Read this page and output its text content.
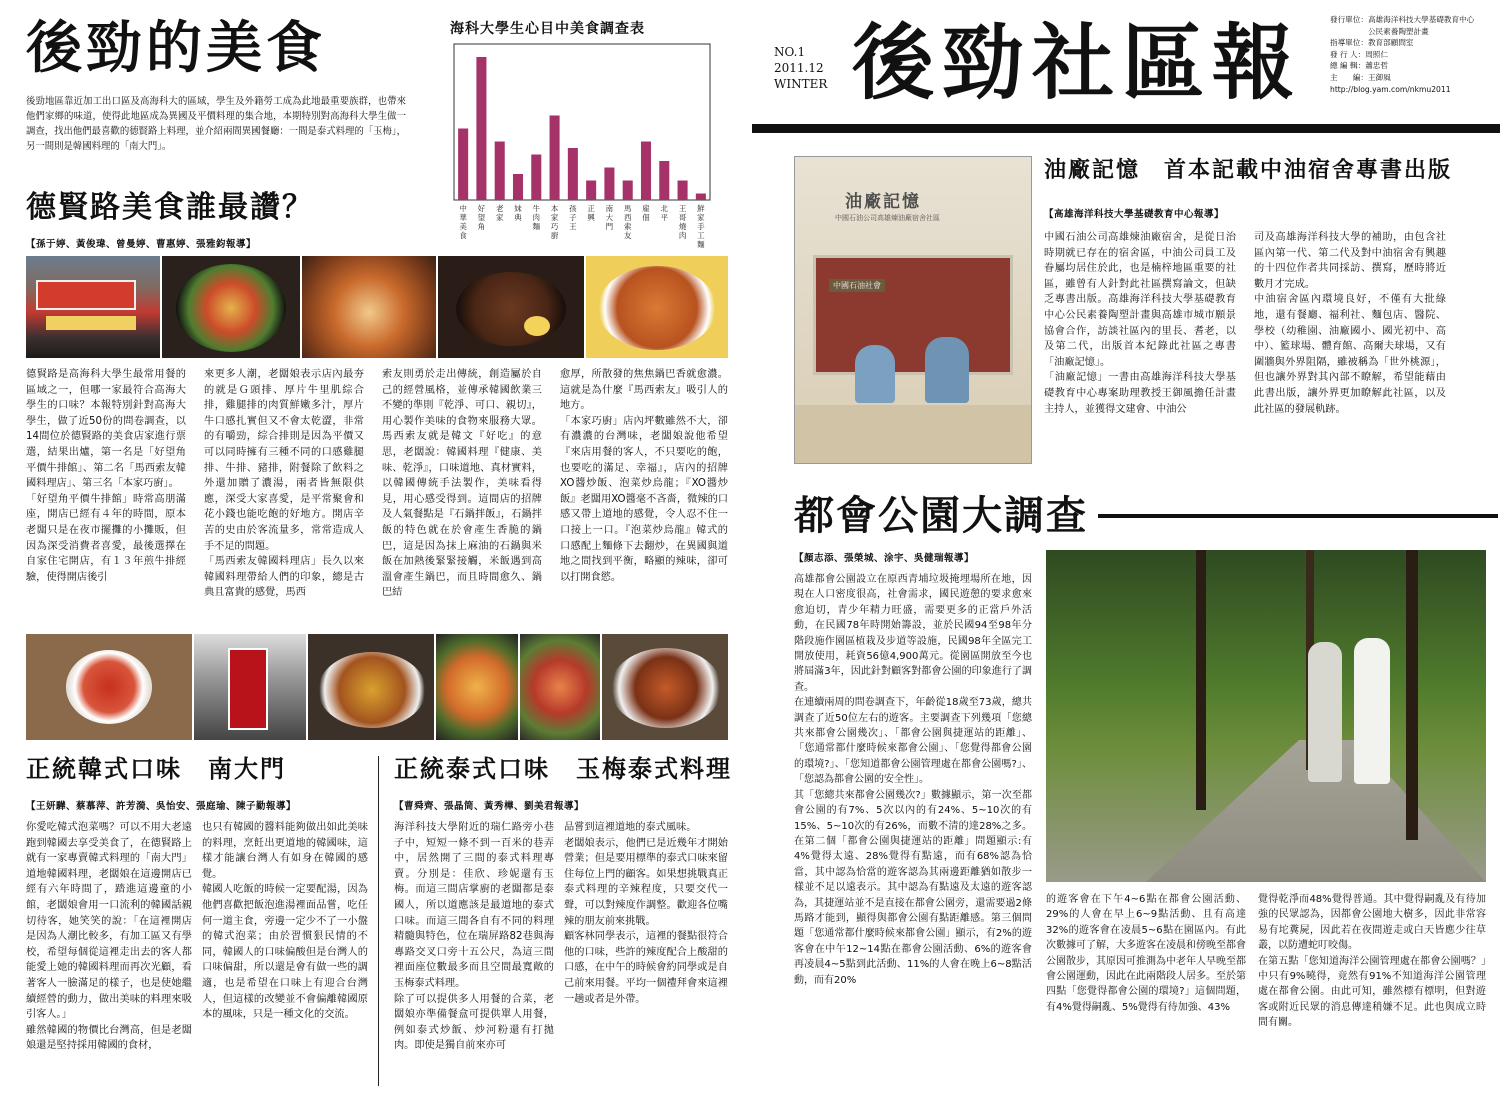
後勁的美食
後勁地區靠近加工出口區及高海科大的區域，學生及外籍勞工成為此地最重要族群，也帶來他們家鄉的味道，使得此地區成為異國及平價料理的集合地，本期特別對高海科大學生做一調查，找出他們最喜歡的德賢路上料理，並介紹兩間異國餐廳：一間是泰式料理的「玉梅」，另一間則是韓國料理的「南大門」。
海科大學生心目中美食調查表
中
華
美
食
好
望
角
老
家
妹
典
牛
肉
麵
本
家
巧
廚
孩
子
王
正
興
南
大
門
馬
西
索
友
雇
佃
北
平
王
哥
燒
肉
鮮
家
手
工
麵
德賢路美食誰最讚？
【孫于婷、黃俊瑋、曾曼婷、曹惠婷、張雅鈞報導】
德賢路是高海科大學生最常用餐的區域之一，但哪一家最符合高海大學生的口味？本報特別針對高海大學生，做了近50份的問卷調查，以14間位於德賢路的美食店家進行票選，結果出爐，第一名是「好望角平價牛排館」、第二名「馬西索友韓國料理店」、第三名「本家巧廚」。
「好望角平價牛排館」時常高朋滿座，開店已經有４年的時間，原本老闆只是在夜市擺攤的小攤販，但因為深受消費者喜愛，最後選擇在自家住宅開店，有１３年煎牛排經驗，使得開店後引
來更多人潮，老闆娘表示店內最夯的就是Ｇ頭排、厚片牛里肌綜合排，雞腿排的肉質鮮嫩多汁，厚片牛口感扎實但又不會太乾澀，非常的有嚼勁，綜合排則是因為平價又可以同時擁有三種不同的口感雞腿排、牛排、豬排，附餐除了飲料之外還加贈了濃湯，兩者皆無限供應，深受大家喜愛，是平常聚會和花小錢也能吃飽的好地方。開店辛苦的史由於客流量多，常常造成人手不足的問題。
「馬西索友韓國料理店」長久以來韓國料理帶給人們的印象，總是古典且富貴的感覺，馬西
索友則勇於走出傳統，創造屬於自己的經營風格，並傳承韓國飲業三不變的準則『乾淨、可口、親切』，用心製作美味的食物來服務大眾。馬西索友就是韓文『好吃』的意思，老闆說：韓國料理『健康、美味、乾淨』，口味道地、真材實料，以韓國傳統手法製作，美味看得見，用心感受得到。這間店的招牌及人氣餐點是『石鍋拌飯』，石鍋拌飯的特色就在於會產生香脆的鍋巴，這是因為抹上麻油的石鍋與米飯在加熱後緊緊接觸，米飯遇到高溫會產生鍋巴，而且時間愈久、鍋巴結
愈厚，所散發的焦焦鍋巴香就愈濃。這就是為什麼『馬西索友』吸引人的地方。
「本家巧廚」店內坪數雖然不大，卻有濃濃的台灣味，老闆娘說他希望『來店用餐的客人，不只要吃的飽，也要吃的滿足、幸福』，店內的招牌XO醬炒飯、泡菜炒烏龍；『XO醬炒飯』老闆用XO醬毫不吝嗇，微辣的口感又帶上道地的感覺，令人忍不住一口接上一口。『泡菜炒烏龍』韓式的口感配上麵條下去翻炒，在異國與道地之間找到平衡，略顯的辣味，卻可以打開食慾。
正統韓式口味　南大門
【王妍驊、蔡慕萍、許芳漪、吳怡安、張庭瑜、陳子勤報導】
你愛吃韓式泡菜嗎？可以不用大老遠跑到韓國去享受美食了，在德賢路上就有一家專賣韓式料理的「南大門」道地韓國料理，老闆娘在這邊開店已經有六年時間了，踏進這邊童的小館，老闆娘會用一口流利的韓國話親切待客，她笑笑的說：「在這裡開店是因為人潮比較多，有加工區又有學校，希望每個從這裡走出去的客人都能愛上她的韓國料理而再次光顧，看著客人一臉滿足的樣子，也是使她繼續經營的動力，做出美味的料理來吸引客人。」
雖然韓國的物價比台灣高，但是老闆娘還是堅持採用韓國的食材，
也只有韓國的醬料能夠做出如此美味的料理，烹飪出更道地的韓國味，這樣才能讓台灣人有如身在韓國的感覺。
韓國人吃飯的時候一定要配湯，因為他們喜歡把飯泡進湯裡面品嘗，吃任何一道主食，旁邊一定少不了一小盤的韓式泡菜；由於習慣狠民情的不同，韓國人的口味偏酸但是台灣人的口味偏甜，所以還是會有做一些的調適，也是希望在口味上有迎合台灣人，但這樣的改變並不會偏離韓國原本的風味，只是一種文化的交流。
正統泰式口味　玉梅泰式料理
【曹舜齊、張晶筒、黃秀樺、劉美君報導】
海洋科技大學附近的瑞仁路旁小巷子中，短短一條不到一百米的巷弄中，居然開了三間的泰式料理專賣。分別是：佳欣、珍妮還有玉梅。而這三間店掌廚的老闆都是泰國人，所以道應該是最道地的泰式口味。而這三間各自有不同的料理精髓與特色，位在瑞屏路82巷與海專路交叉口旁十五公尺，為這三間裡面座位數最多而且空間最寬敞的玉梅泰式料理。
除了可以提供多人用餐的合菜，老闆娘亦準備餐盒可提供單人用餐，例如泰式炒飯、炒河粉還有打拋肉。即使是獨自前來亦可
品嘗到這裡道地的泰式風味。
老闆娘表示，他們已是近幾年才開始營業；但是要用標準的泰式口味來留住每位上門的顧客。如果想挑戰真正泰式料理的辛辣程度，只要交代一聲，可以對辣度作調整。歡迎各位嘴辣的朋友前來挑戰。
顧客林同學表示，這裡的餐點很符合他的口味，些許的辣度配合上酸甜的口感，在中午的時候會約同學或是自己前來用餐。平均一個禮拜會來這裡一趟或者是外帶。
NO.1
2011.12
WINTER 後勁社區報	發行單位：高雄海洋科技大學基礎教育中心
　　　　　公民素養陶塑計畫
指導單位：教育部顧問室
發 行 人：周照仁
總 編 輯：蕭忠哲
主　　編：王御風
http://blog.yam.com/nkmu2011
油廠記憶
中國石油公司高雄煉油廠宿舍社區
中國石油社會
油廠記憶　首本記載中油宿舍專書出版
【高雄海洋科技大學基礎教育中心報導】
中國石油公司高雄煉油廠宿舍，是從日治時期就已存在的宿舍區，中油公司員工及眷屬均居住於此，也是楠梓地區重要的社區，雖曾有人針對此社區撰寫論文，但缺乏專書出版。高雄海洋科技大學基礎教育中心公民素養陶塑計畫與高雄市城市願景協會合作，訪談社區內的里長、耆老，以及第二代，出版首本紀錄此社區之專書「油廠記憶」。
「油廠記憶」一書由高雄海洋科技大學基礎教育中心專案助理教授王御風擔任計畫主持人，並獲得文建會、中油公
司及高雄海洋科技大學的補助，由包含社區內第一代、第二代及對中油宿舍有興趣的十四位作者共同採訪、撰寫，歷時將近數月才完成。
中油宿舍區內環境良好，不僅有大批綠地，還有餐廳、福利社、麵包店、醫院、學校（幼稚園、油廠國小、國光初中、高中）、籃球場、體育館、高爾夫球場，又有圍牆與外界阻隔，雖被稱為「世外桃源」，但也讓外界對其內部不瞭解，希望能藉由此書出版，讓外界更加瞭解此社區，以及此社區的發展軌跡。
都會公園大調查
【顏志添、張榮城、涂宇、吳健瑞報導】
高雄都會公園設立在原西青埔垃圾掩埋場所在地，因現在人口密度很高，社會需求，國民遊憩的要求愈來愈迫切，青少年精力旺盛，需要更多的正當戶外活動，在民國78年時開始籌設，並於民國94至98年分階段施作園區植栽及步道等設施，民國98年全區完工開放使用，耗資56億4,900萬元。從園區開放至今也將屆滿3年，因此針對顧客對都會公園的印象進行了調查。
在連續兩周的問卷調查下，年齡從18歲至73歲，總共調查了近50位左右的遊客。主要調查下列幾項「您總共來都會公園幾次」、「都會公園與捷運站的距離」、「您通常都什麼時候來都會公園」、「您覺得都會公園的環境?」、「您知道都會公園管理處在都會公園嗎?」、「您認為都會公園的安全性」。
其「您總共來都會公園幾次?」數據顯示，第一次至都會公園的有7%、5次以內的有24%、5~10次的有15%、5~10次的有26%，而數不清的達28%之多。在第二個「都會公園與捷運站的距離」問題顯示:有4%覺得太遠、28%覺得有點遠，而有68%認為恰當，其中認為恰當的遊客認為其兩邊距離猶如散步一樣並不足以遠表示。其中認為有點遠及太遠的遊客認為，其捷運站並不是直接在都會公園旁，還需要過2條馬路才能到，顯得與都會公園有點距離感。第三個問題「您通常都什麼時候來都會公園」顯示，有2%的遊客會在中午12~14點在都會公園活動、6%的遊客會再凌晨4~5點到此活動、11%的人會在晚上6~8點活動，而有20%
的遊客會在下午4~6點在都會公園活動、29%的人會在早上6~9點活動、且有高達32%的遊客會在凌晨5~6點在園區內。有此次數據可了解，大多遊客在凌晨和傍晚至都會公園散步，其原因可推測為中老年人早晚至都會公園運動，因此在此兩階段人居多。至於第四點「您覺得都會公園的環境?」這個問題，有4%覺得嗣亂、5%覺得有待加強、43%
覺得乾淨而48%覺得普通。其中覺得嗣亂及有待加強的民眾認為，因都會公園地大樹多，因此非常容易有坨糞屍，因此若在夜間遊走或白天皆應少往草叢，以防遭蛇叮咬傷。
在第五點「您知道海洋公園管理處在都會公園嗎？」中只有9%曉得，竟然有91%不知道海洋公園管理處在都會公園。由此可知，雖然標有標明，但對遊客或附近民眾的消息傳達稍嫌不足。此也與成立時間有關。
